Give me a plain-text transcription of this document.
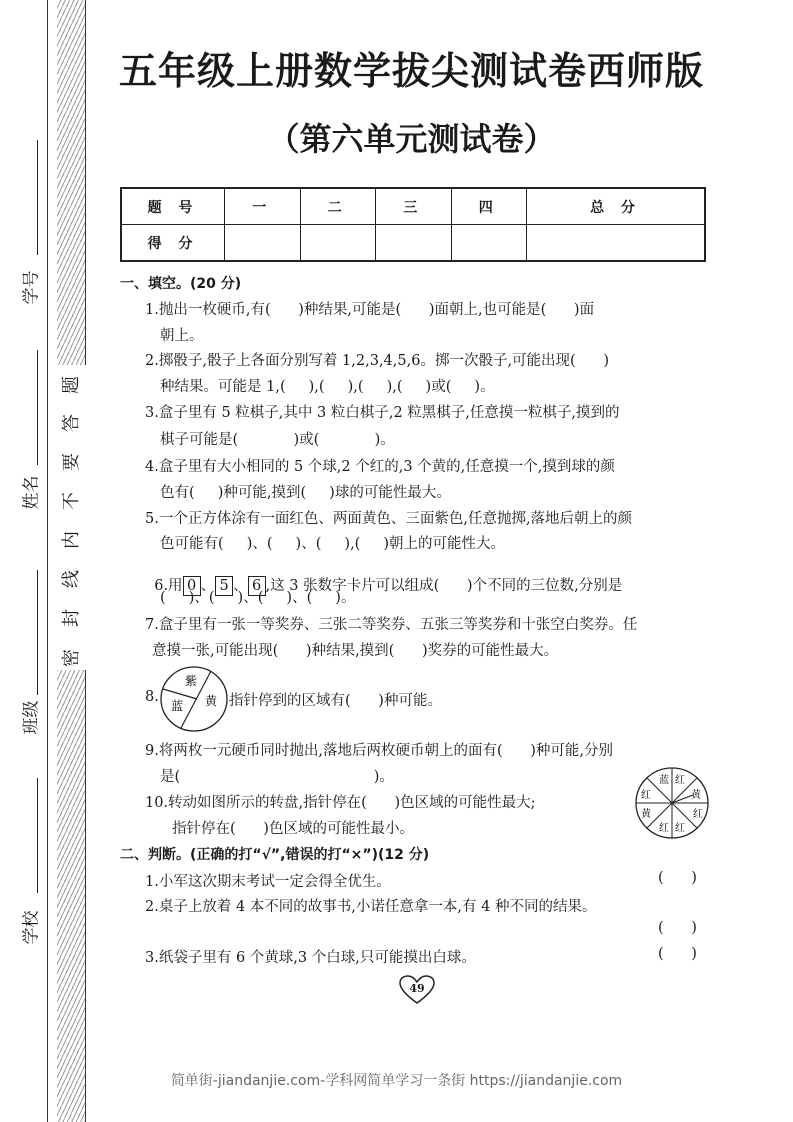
学号
姓名
班级
学校
密
封
线
内
不
要
答
题
五年级上册数学拔尖测试卷西师版
（第六单元测试卷）
题 号	一	二	三	四	总 分
得 分					
一、填空。(20 分)
1.抛出一枚硬币,有(      )种结果,可能是(      )面朝上,也可能是(      )面
朝上。
2.掷骰子,骰子上各面分别写着 1,2,3,4,5,6。掷一次骰子,可能出现(      )
种结果。可能是 1,(     ),(     ),(     ),(     )或(     )。
3.盒子里有 5 粒棋子,其中 3 粒白棋子,2 粒黑棋子,任意摸一粒棋子,摸到的
棋子可能是(            )或(            )。
4.盒子里有大小相同的 5 个球,2 个红的,3 个黄的,任意摸一个,摸到球的颜
色有(     )种可能,摸到(     )球的可能性最大。
5.一个正方体涂有一面红色、两面黄色、三面紫色,任意抛掷,落地后朝上的颜
色可能有(     )、(     )、(     ),(     )朝上的可能性大。

6.用 0 、 5 、 6 ,这 3 张数字卡片可以组成(      )个不同的三位数,分别是

(     )、(     )、(     )、(     )。
7.盒子里有一张一等奖券、三张二等奖券、五张三等奖券和十张空白奖券。任
意摸一张,可能出现(      )种结果,摸到(      )奖券的可能性最大。
8.
紫
蓝 黄 指针停到的区域有(      )种可能。
9.将两枚一元硬币同时抛出,落地后两枚硬币朝上的面有(      )种可能,分别
是(                                          )。
10.转动如图所示的转盘,指针停在(      )色区域的可能性最大;
指针停在(      )色区域的可能性最小。
蓝 红
黄
红
红
红
黄
红
二、判断。(正确的打“√”,错误的打“×”)(12 分)
1.小军这次期末考试一定会得全优生。	(      )
2.桌子上放着 4 本不同的故事书,小诺任意拿一本,有 4 种不同的结果。
(      )
3.纸袋子里有 6 个黄球,3 个白球,只可能摸出白球。	(      )
49
简单街-jiandanjie.com-学科网简单学习一条街 https://jiandanjie.com
